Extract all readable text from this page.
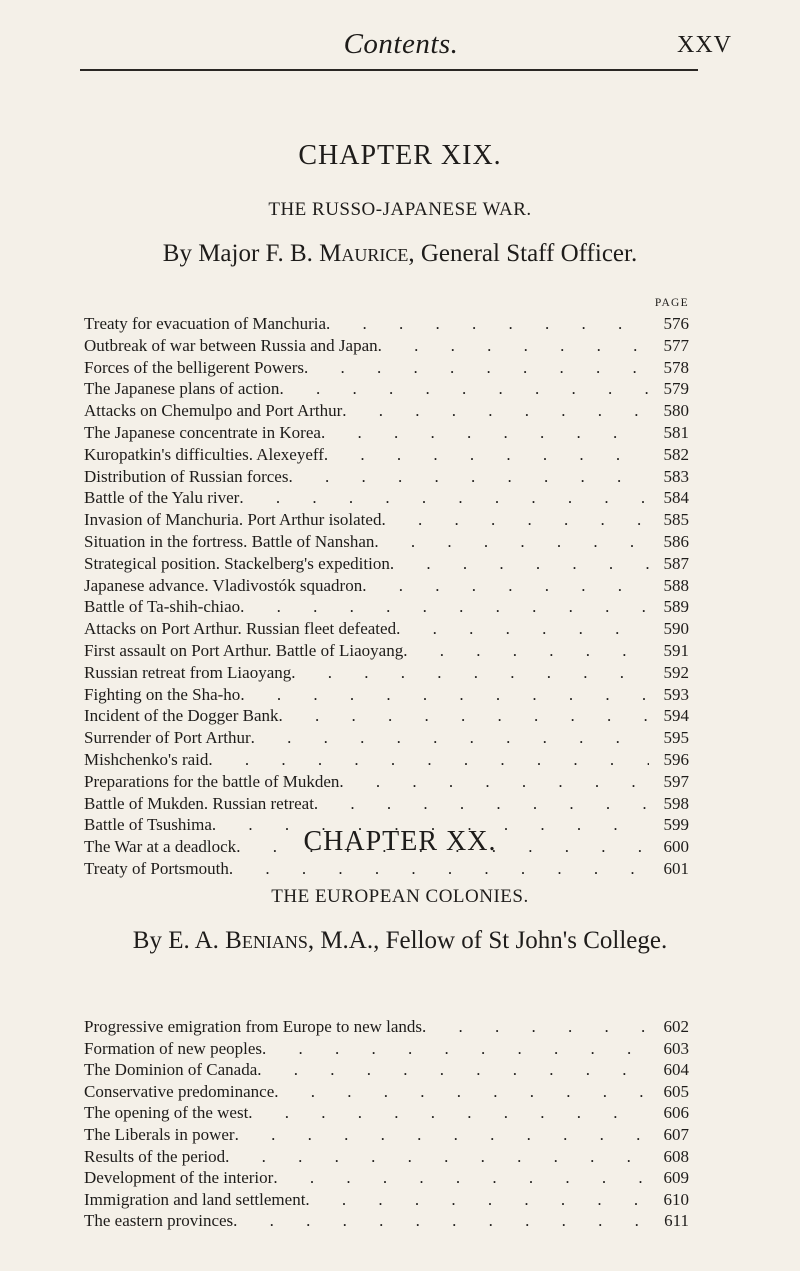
Contents.	XXV
CHAPTER XIX.
THE RUSSO-JAPANESE WAR.
By Major F. B. Maurice, General Staff Officer.
PAGE
Treaty for evacuation of Manchuria . . .	576
Outbreak of war between Russia and Japan . . .	577
Forces of the belligerent Powers . . .	578
The Japanese plans of action . . .	579
Attacks on Chemulpo and Port Arthur . . .	580
The Japanese concentrate in Korea . . .	581
Kuropatkin's difficulties. Alexeyeff . . .	582
Distribution of Russian forces . . .	583
Battle of the Yalu river . . .	584
Invasion of Manchuria. Port Arthur isolated . . .	585
Situation in the fortress. Battle of Nanshan . . .	586
Strategical position. Stackelberg's expedition . . .	587
Japanese advance. Vladivostók squadron . . .	588
Battle of Ta-shih-chiao . . .	589
Attacks on Port Arthur. Russian fleet defeated . . .	590
First assault on Port Arthur. Battle of Liaoyang . . .	591
Russian retreat from Liaoyang . . .	592
Fighting on the Sha-ho . . .	593
Incident of the Dogger Bank . . .	594
Surrender of Port Arthur . . .	595
Mishchenko's raid . . .	596
Preparations for the battle of Mukden . . .	597
Battle of Mukden. Russian retreat . . .	598
Battle of Tsushima . . .	599
The War at a deadlock . . .	600
Treaty of Portsmouth . . .	601
CHAPTER XX.
THE EUROPEAN COLONIES.
By E. A. Benians, M.A., Fellow of St John's College.
Progressive emigration from Europe to new lands . . .	602
Formation of new peoples . . .	603
The Dominion of Canada . . .	604
Conservative predominance . . .	605
The opening of the west . . .	606
The Liberals in power . . .	607
Results of the period . . .	608
Development of the interior . . .	609
Immigration and land settlement . . .	610
The eastern provinces . . .	611
